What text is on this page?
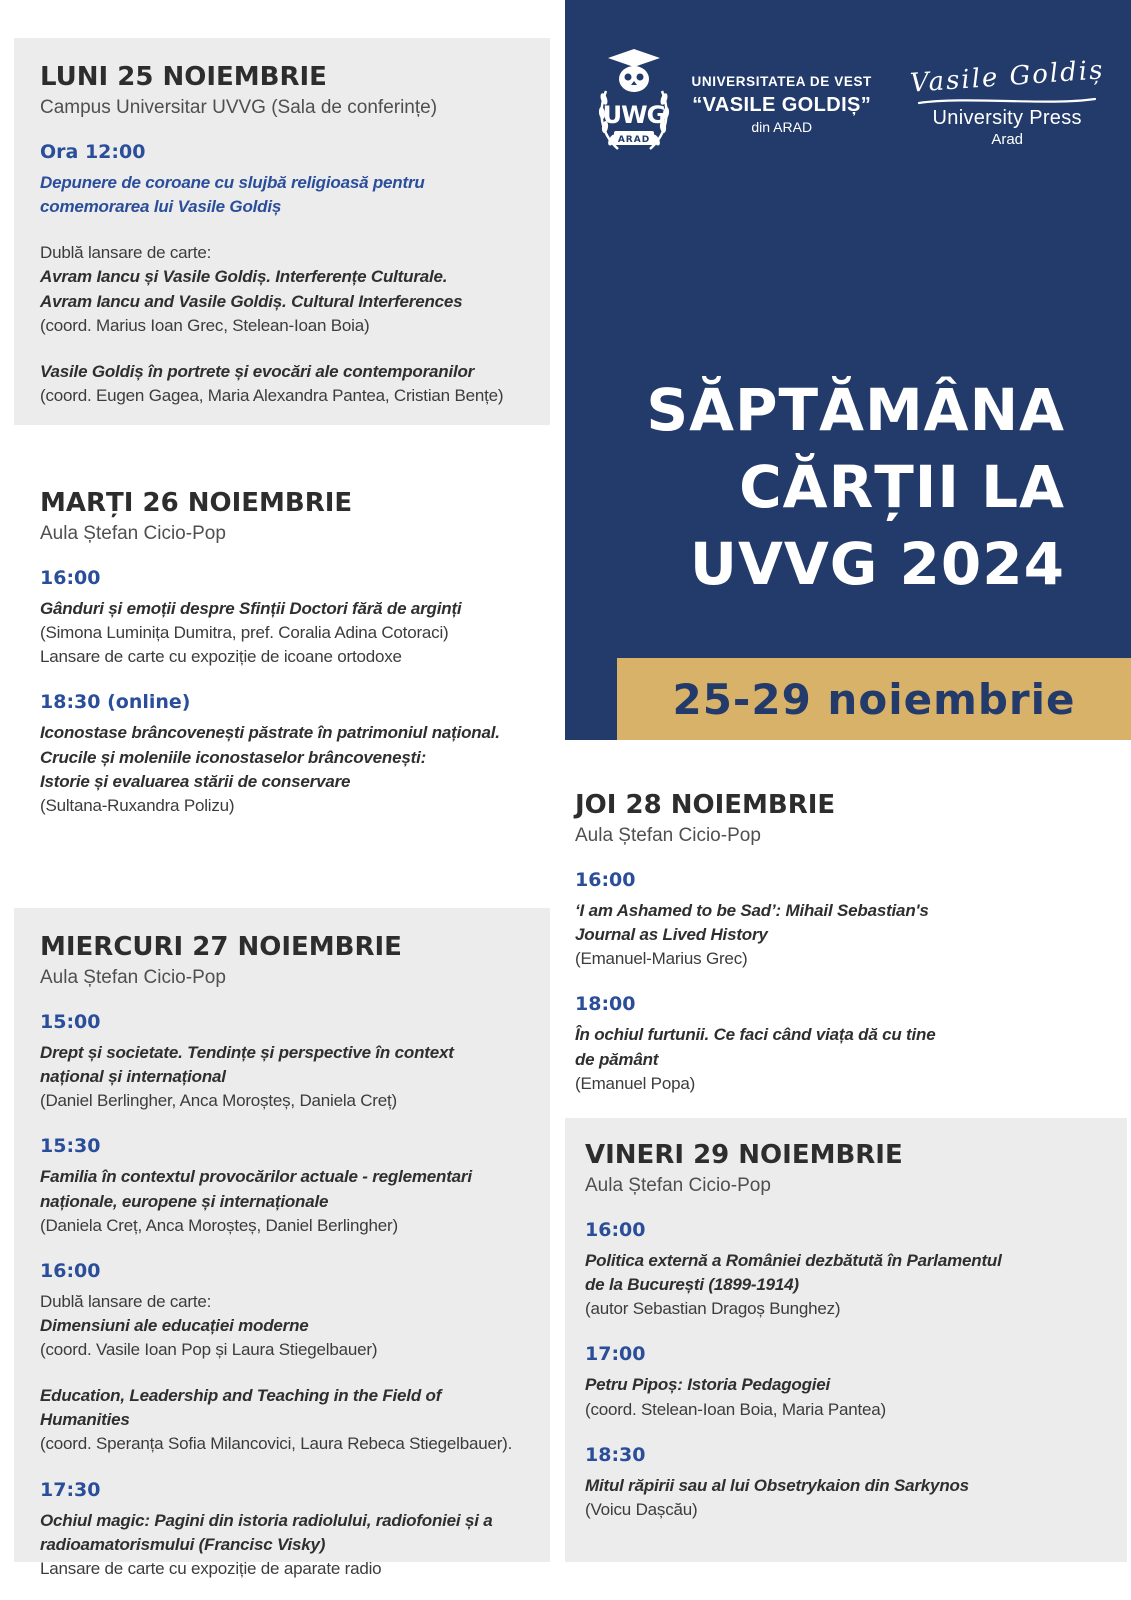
UWG
ARAD
UNIVERSITATEA DE VEST
“VASILE GOLDIȘ”
din ARAD
Vasile Goldiș
University Press
Arad
SĂPTĂMÂNA
CĂRȚII LA
UVVG 2024
25-29 noiembrie
LUNI 25 NOIEMBRIE
Campus Universitar UVVG (Sala de conferințe)
Ora 12:00
Depunere de coroane cu slujbă religioasă pentru
comemorarea lui Vasile Goldiș
Dublă lansare de carte:
Avram Iancu și Vasile Goldiș. Interferențe Culturale.
Avram Iancu and Vasile Goldiș. Cultural Interferences
(coord. Marius Ioan Grec, Stelean-Ioan Boia)
Vasile Goldiș în portrete și evocări ale contemporanilor
(coord. Eugen Gagea, Maria Alexandra Pantea, Cristian Bențe)
MARȚI 26 NOIEMBRIE
Aula Ștefan Cicio-Pop
16:00
Gânduri și emoții despre Sfinții Doctori fără de arginți
(Simona Luminița Dumitra, pref. Coralia Adina Cotoraci)
Lansare de carte cu expoziție de icoane ortodoxe
18:30 (online)
Iconostase brâncovenești păstrate în patrimoniul național.
Crucile și moleniile iconostaselor brâncovenești:
Istorie și evaluarea stării de conservare
(Sultana-Ruxandra Polizu)
MIERCURI 27 NOIEMBRIE
Aula Ștefan Cicio-Pop
15:00
Drept și societate. Tendințe și perspective în context
național și internațional
(Daniel Berlingher, Anca Moroșteș, Daniela Creț)
15:30
Familia în contextul provocărilor actuale - reglementari
naționale, europene și internaționale
(Daniela Creț, Anca Moroșteș, Daniel Berlingher)
16:00
Dublă lansare de carte:
Dimensiuni ale educației moderne
(coord. Vasile Ioan Pop și Laura Stiegelbauer)
Education, Leadership and Teaching in the Field of Humanities
(coord. Speranța Sofia Milancovici, Laura Rebeca Stiegelbauer).
17:30
Ochiul magic: Pagini din istoria radiolului, radiofoniei și a
radioamatorismului (Francisc Visky)
Lansare de carte cu expoziție de aparate radio
JOI 28 NOIEMBRIE
Aula Ștefan Cicio-Pop
16:00
‘I am Ashamed to be Sad’: Mihail Sebastian's
Journal as Lived History
(Emanuel-Marius Grec)
18:00
În ochiul furtunii. Ce faci când viața dă cu tine
de pământ
(Emanuel Popa)
VINERI 29 NOIEMBRIE
Aula Ștefan Cicio-Pop
16:00
Politica externă a României dezbătută în Parlamentul
de la București (1899-1914)
(autor Sebastian Dragoș Bunghez)
17:00
Petru Pipoș: Istoria Pedagogiei
(coord. Stelean-Ioan Boia, Maria Pantea)
18:30
Mitul răpirii sau al lui Obsetrykaion din Sarkynos
(Voicu Dașcău)
